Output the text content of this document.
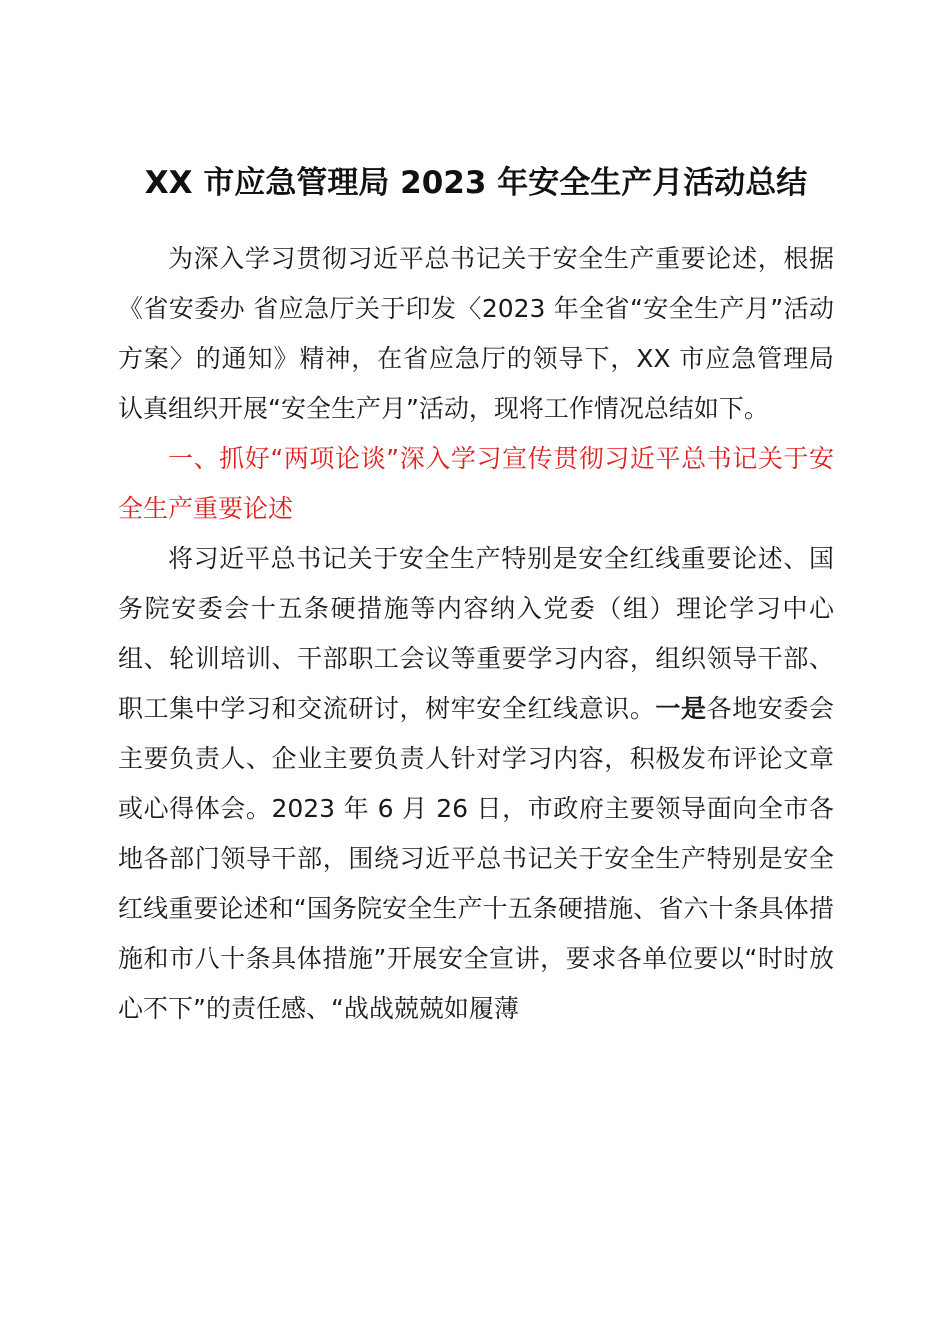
XX 市应急管理局 2023 年安全生产月活动总结

为深入学习贯彻习近平总书记关于安全生产重要论述，根据《省安委办 省应急厅关于印发〈2023 年全省“安全生产月”活动方案〉的通知》精神，在省应急厅的领导下，XX 市应急管理局认真组织开展“安全生产月”活动，现将工作情况总结如下。

一、抓好“两项论谈”深入学习宣传贯彻习近平总书记关于安全生产重要论述

将习近平总书记关于安全生产特别是安全红线重要论述、国务院安委会十五条硬措施等内容纳入党委（组）理论学习中心组、轮训培训、干部职工会议等重要学习内容，组织领导干部、职工集中学习和交流研讨，树牢安全红线意识。一是各地安委会主要负责人、企业主要负责人针对学习内容，积极发布评论文章或心得体会。2023 年 6 月 26 日，市政府主要领导面向全市各地各部门领导干部，围绕习近平总书记关于安全生产特别是安全红线重要论述和“国务院安全生产十五条硬措施、省六十条具体措施和市八十条具体措施”开展安全宣讲，要求各单位要以“时时放心不下”的责任感、“战战兢兢如履薄
